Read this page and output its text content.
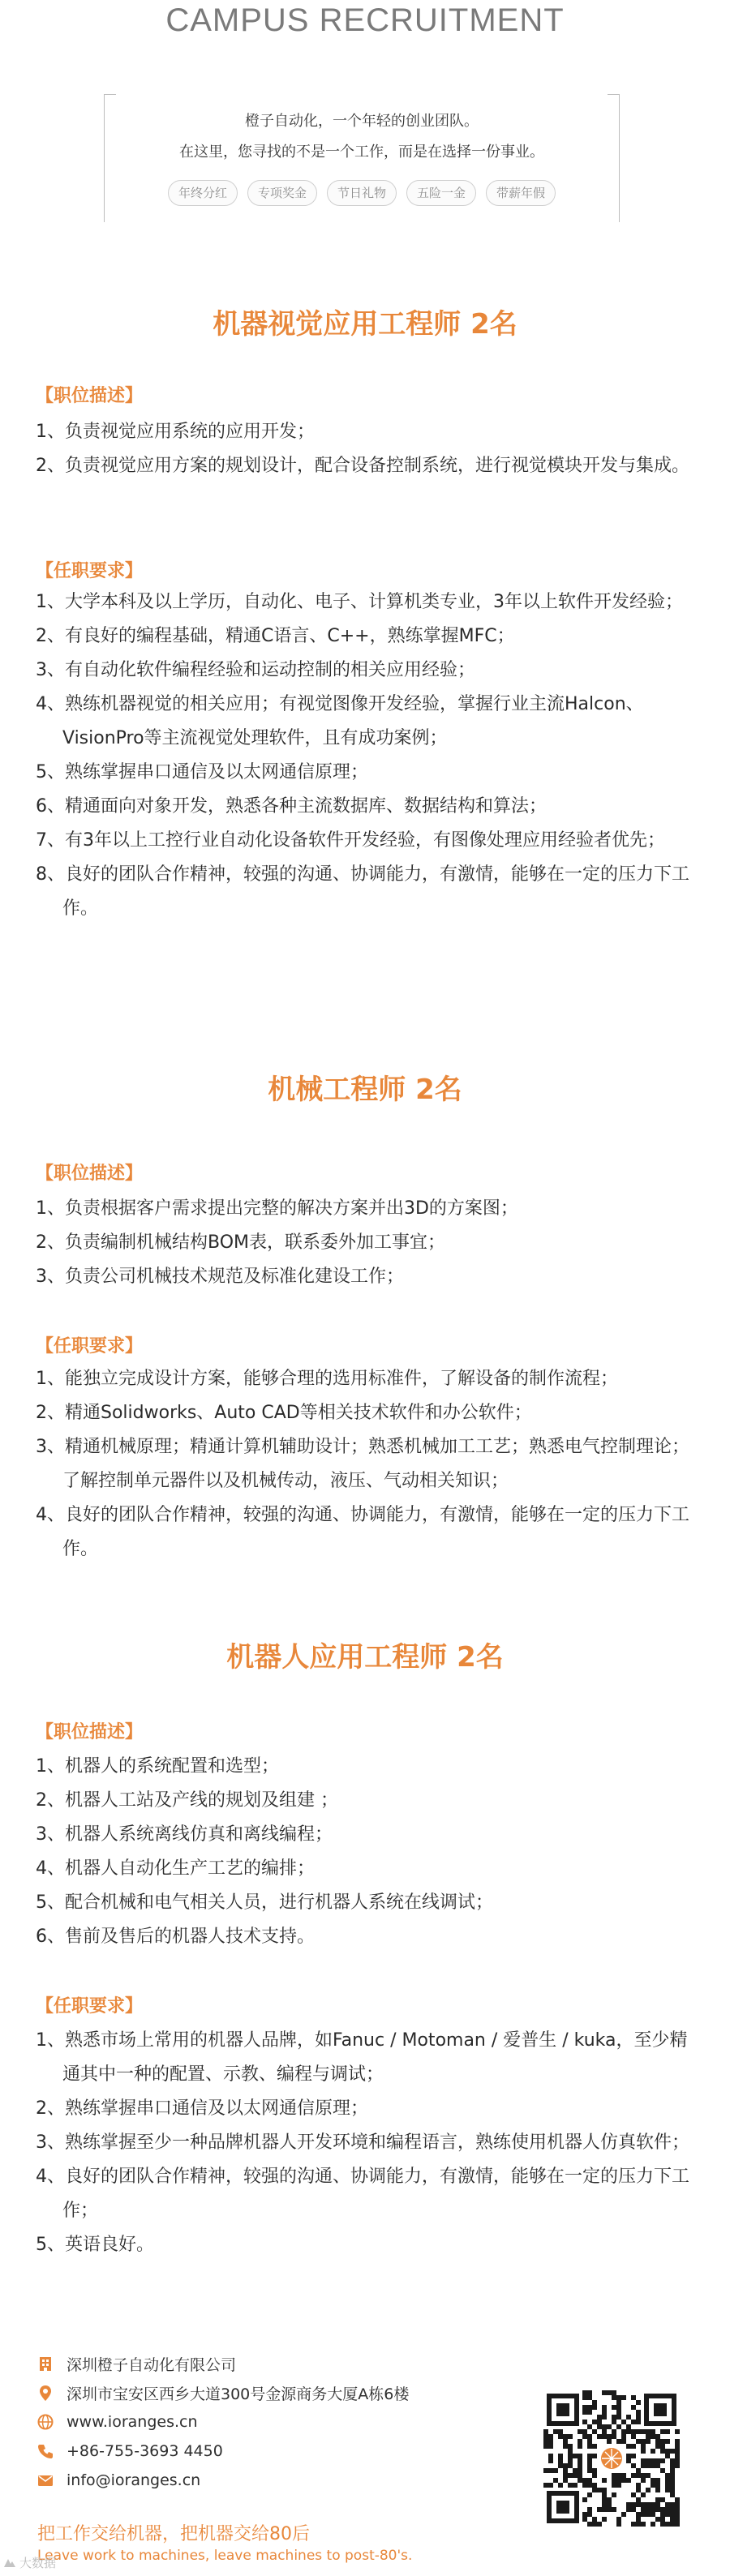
CAMPUS RECRUITMENT
橙子自动化，一个年轻的创业团队。
在这里，您寻找的不是一个工作，而是在选择一份事业。
年终分红	专项奖金	节日礼物	五险一金	带薪年假
机器视觉应用工程师 2名
【职位描述】
1、负责视觉应用系统的应用开发；
2、负责视觉应用方案的规划设计，配合设备控制系统，进行视觉模块开发与集成。
【任职要求】
1、大学本科及以上学历，自动化、电子、计算机类专业，3年以上软件开发经验；
2、有良好的编程基础，精通C语言、C++，熟练掌握MFC；
3、有自动化软件编程经验和运动控制的相关应用经验；
4、熟练机器视觉的相关应用；有视觉图像开发经验，掌握行业主流Halcon、VisionPro等主流视觉处理软件，且有成功案例；
5、熟练掌握串口通信及以太网通信原理；
6、精通面向对象开发，熟悉各种主流数据库、数据结构和算法；
7、有3年以上工控行业自动化设备软件开发经验，有图像处理应用经验者优先；
8、良好的团队合作精神，较强的沟通、协调能力，有激情，能够在一定的压力下工作。
机械工程师 2名
【职位描述】
1、负责根据客户需求提出完整的解决方案并出3D的方案图；
2、负责编制机械结构BOM表，联系委外加工事宜；
3、负责公司机械技术规范及标准化建设工作；
【任职要求】
1、能独立完成设计方案，能够合理的选用标准件，了解设备的制作流程；
2、精通Solidworks、Auto CAD等相关技术软件和办公软件；
3、精通机械原理；精通计算机辅助设计；熟悉机械加工工艺；熟悉电气控制理论；了解控制单元器件以及机械传动，液压、气动相关知识；
4、良好的团队合作精神，较强的沟通、协调能力，有激情，能够在一定的压力下工作。
机器人应用工程师 2名
【职位描述】
1、机器人的系统配置和选型；
2、机器人工站及产线的规划及组建 ；
3、机器人系统离线仿真和离线编程；
4、机器人自动化生产工艺的编排；
5、配合机械和电气相关人员，进行机器人系统在线调试；
6、售前及售后的机器人技术支持。
【任职要求】
1、熟悉市场上常用的机器人品牌，如Fanuc / Motoman / 爱普生 / kuka，至少精通其中一种的配置、示教、编程与调试；
2、熟练掌握串口通信及以太网通信原理；
3、熟练掌握至少一种品牌机器人开发环境和编程语言，熟练使用机器人仿真软件；
4、良好的团队合作精神，较强的沟通、协调能力，有激情，能够在一定的压力下工作；
5、英语良好。
深圳橙子自动化有限公司
深圳市宝安区西乡大道300号金源商务大厦A栋6楼
www.ioranges.cn
+86-755-3693 4450
info@ioranges.cn
把工作交给机器，把机器交给80后
Leave work to machines, leave machines to post-80's.
大数据
